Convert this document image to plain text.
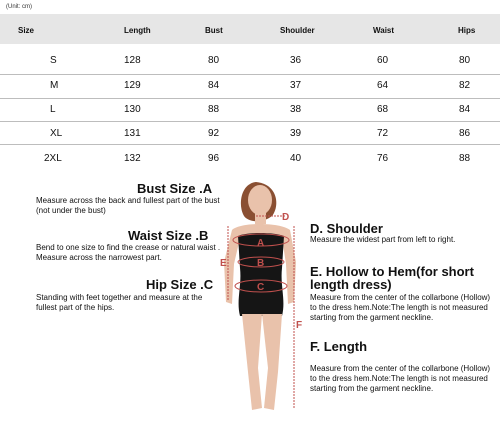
(Unit: cm)
Size	Length	Bust	Shoulder	Waist	Hips
S	128	80	36	60	80
M	129	84	37	64	82
L	130	88	38	68	84
XL	131	92	39	72	86
2XL	132	96	40	76	88
A
B
C
D
E
F
Bust Size .A
Measure across the back and fullest part of the bust (not under the bust)
Waist Size .B
Bend to one size to find the crease or natural waist . Measure across the narrowest part.
Hip Size .C
Standing with feet together and measure at the fullest part of the hips.
D. Shoulder
Measure the widest part from left to right.
E. Hollow to Hem(for short length dress)
Measure from the center of the collarbone (Hollow) to the dress hem.Note:The length is not measured starting from the garment neckline.
F. Length
Measure from the center of the collarbone (Hollow) to the dress hem.Note:The length is not measured starting from the garment neckline.
